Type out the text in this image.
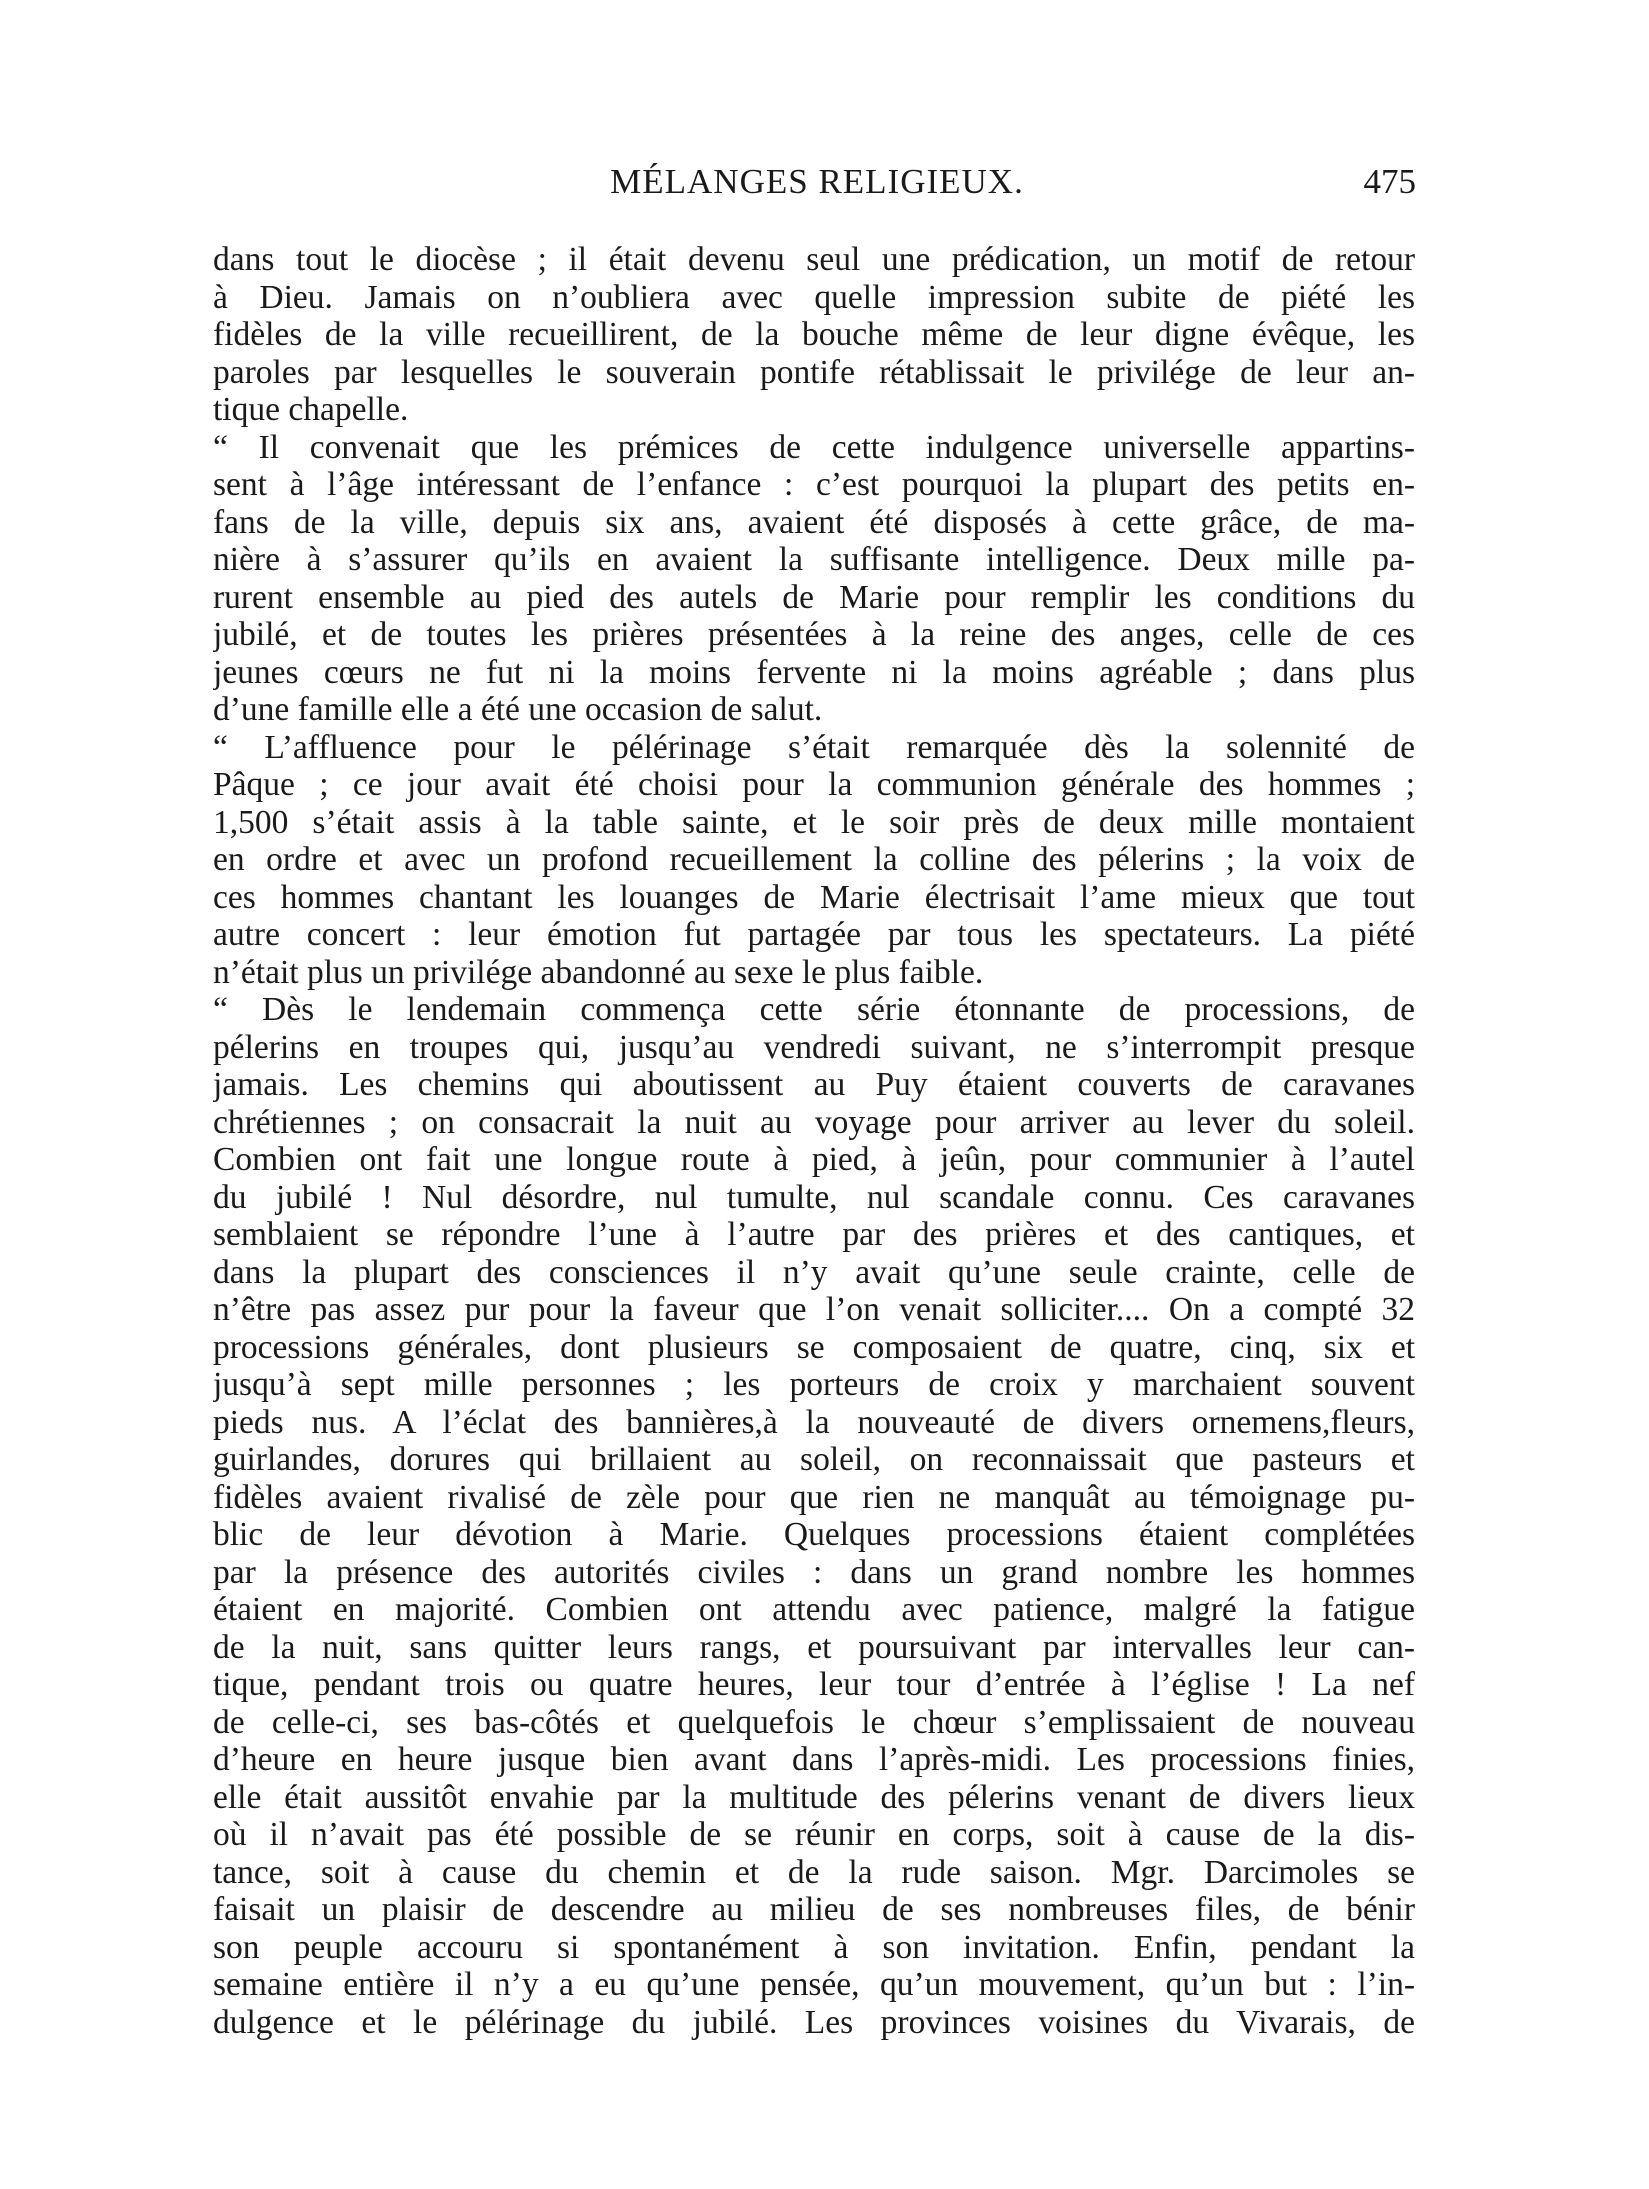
MÉLANGES RELIGIEUX.	475
dans tout le diocèse ; il était devenu seul une prédication, un motif de retour
à Dieu. Jamais on n’oubliera avec quelle impression subite de piété les
fidèles de la ville recueillirent, de la bouche même de leur digne évêque, les
paroles par lesquelles le souverain pontife rétablissait le privilége de leur an-
tique chapelle.
“ Il convenait que les prémices de cette indulgence universelle appartins-
sent à l’âge intéressant de l’enfance : c’est pourquoi la plupart des petits en-
fans de la ville, depuis six ans, avaient été disposés à cette grâce, de ma-
nière à s’assurer qu’ils en avaient la suffisante intelligence. Deux mille pa-
rurent ensemble au pied des autels de Marie pour remplir les conditions du
jubilé, et de toutes les prières présentées à la reine des anges, celle de ces
jeunes cœurs ne fut ni la moins fervente ni la moins agréable ; dans plus
d’une famille elle a été une occasion de salut.
“ L’affluence pour le pélérinage s’était remarquée dès la solennité de
Pâque ; ce jour avait été choisi pour la communion générale des hommes ;
1,500 s’était assis à la table sainte, et le soir près de deux mille montaient
en ordre et avec un profond recueillement la colline des pélerins ; la voix de
ces hommes chantant les louanges de Marie électrisait l’ame mieux que tout
autre concert : leur émotion fut partagée par tous les spectateurs. La piété
n’était plus un privilége abandonné au sexe le plus faible.
“ Dès le lendemain commença cette série étonnante de processions, de
pélerins en troupes qui, jusqu’au vendredi suivant, ne s’interrompit presque
jamais. Les chemins qui aboutissent au Puy étaient couverts de caravanes
chrétiennes ; on consacrait la nuit au voyage pour arriver au lever du soleil.
Combien ont fait une longue route à pied, à jeûn, pour communier à l’autel
du jubilé ! Nul désordre, nul tumulte, nul scandale connu. Ces caravanes
semblaient se répondre l’une à l’autre par des prières et des cantiques, et
dans la plupart des consciences il n’y avait qu’une seule crainte, celle de
n’être pas assez pur pour la faveur que l’on venait solliciter.... On a compté 32
processions générales, dont plusieurs se composaient de quatre, cinq, six et
jusqu’à sept mille personnes ; les porteurs de croix y marchaient souvent
pieds nus. A l’éclat des bannières,à la nouveauté de divers ornemens,fleurs,
guirlandes, dorures qui brillaient au soleil, on reconnaissait que pasteurs et
fidèles avaient rivalisé de zèle pour que rien ne manquât au témoignage pu-
blic de leur dévotion à Marie. Quelques processions étaient complétées
par la présence des autorités civiles : dans un grand nombre les hommes
étaient en majorité. Combien ont attendu avec patience, malgré la fatigue
de la nuit, sans quitter leurs rangs, et poursuivant par intervalles leur can-
tique, pendant trois ou quatre heures, leur tour d’entrée à l’église ! La nef
de celle-ci, ses bas-côtés et quelquefois le chœur s’emplissaient de nouveau
d’heure en heure jusque bien avant dans l’après-midi. Les processions finies,
elle était aussitôt envahie par la multitude des pélerins venant de divers lieux
où il n’avait pas été possible de se réunir en corps, soit à cause de la dis-
tance, soit à cause du chemin et de la rude saison. Mgr. Darcimoles se
faisait un plaisir de descendre au milieu de ses nombreuses files, de bénir
son peuple accouru si spontanément à son invitation. Enfin, pendant la
semaine entière il n’y a eu qu’une pensée, qu’un mouvement, qu’un but : l’in-
dulgence et le pélérinage du jubilé. Les provinces voisines du Vivarais, de
